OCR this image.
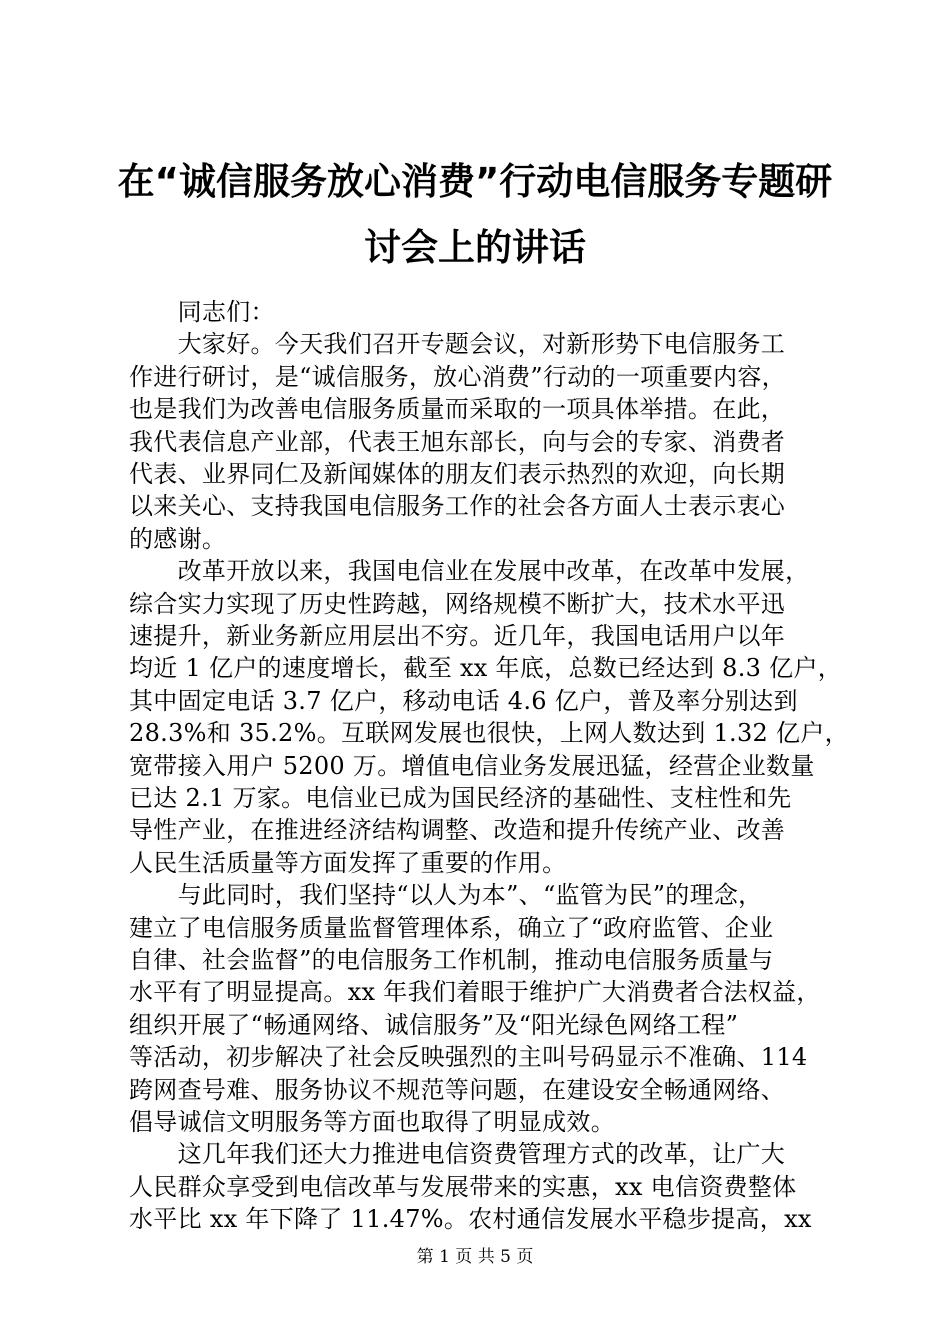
在“诚信服务放心消费”行动电信服务专题研
讨会上的讲话
　　同志们：
　　大家好。今天我们召开专题会议，对新形势下电信服务工
作进行研讨，是“诚信服务，放心消费”行动的一项重要内容，
也是我们为改善电信服务质量而采取的一项具体举措。在此，
我代表信息产业部，代表王旭东部长，向与会的专家、消费者
代表、业界同仁及新闻媒体的朋友们表示热烈的欢迎，向长期
以来关心、支持我国电信服务工作的社会各方面人士表示衷心
的感谢。
　　改革开放以来，我国电信业在发展中改革，在改革中发展，
综合实力实现了历史性跨越，网络规模不断扩大，技术水平迅
速提升，新业务新应用层出不穷。近几年，我国电话用户以年
均近 1 亿户的速度增长，截至 xx 年底，总数已经达到 8.3 亿户，
其中固定电话 3.7 亿户，移动电话 4.6 亿户，普及率分别达到
28.3%和 35.2%。互联网发展也很快，上网人数达到 1.32 亿户，
宽带接入用户 5200 万。增值电信业务发展迅猛，经营企业数量
已达 2.1 万家。电信业已成为国民经济的基础性、支柱性和先
导性产业，在推进经济结构调整、改造和提升传统产业、改善
人民生活质量等方面发挥了重要的作用。
　　与此同时，我们坚持“以人为本”、“监管为民”的理念，
建立了电信服务质量监督管理体系，确立了“政府监管、企业
自律、社会监督”的电信服务工作机制，推动电信服务质量与
水平有了明显提高。xx 年我们着眼于维护广大消费者合法权益，
组织开展了“畅通网络、诚信服务”及“阳光绿色网络工程”
等活动，初步解决了社会反映强烈的主叫号码显示不准确、114
跨网查号难、服务协议不规范等问题，在建设安全畅通网络、
倡导诚信文明服务等方面也取得了明显成效。
　　这几年我们还大力推进电信资费管理方式的改革，让广大
人民群众享受到电信改革与发展带来的实惠，xx 电信资费整体
水平比 xx 年下降了 11.47%。农村通信发展水平稳步提高，xx
第 1 页 共 5 页
